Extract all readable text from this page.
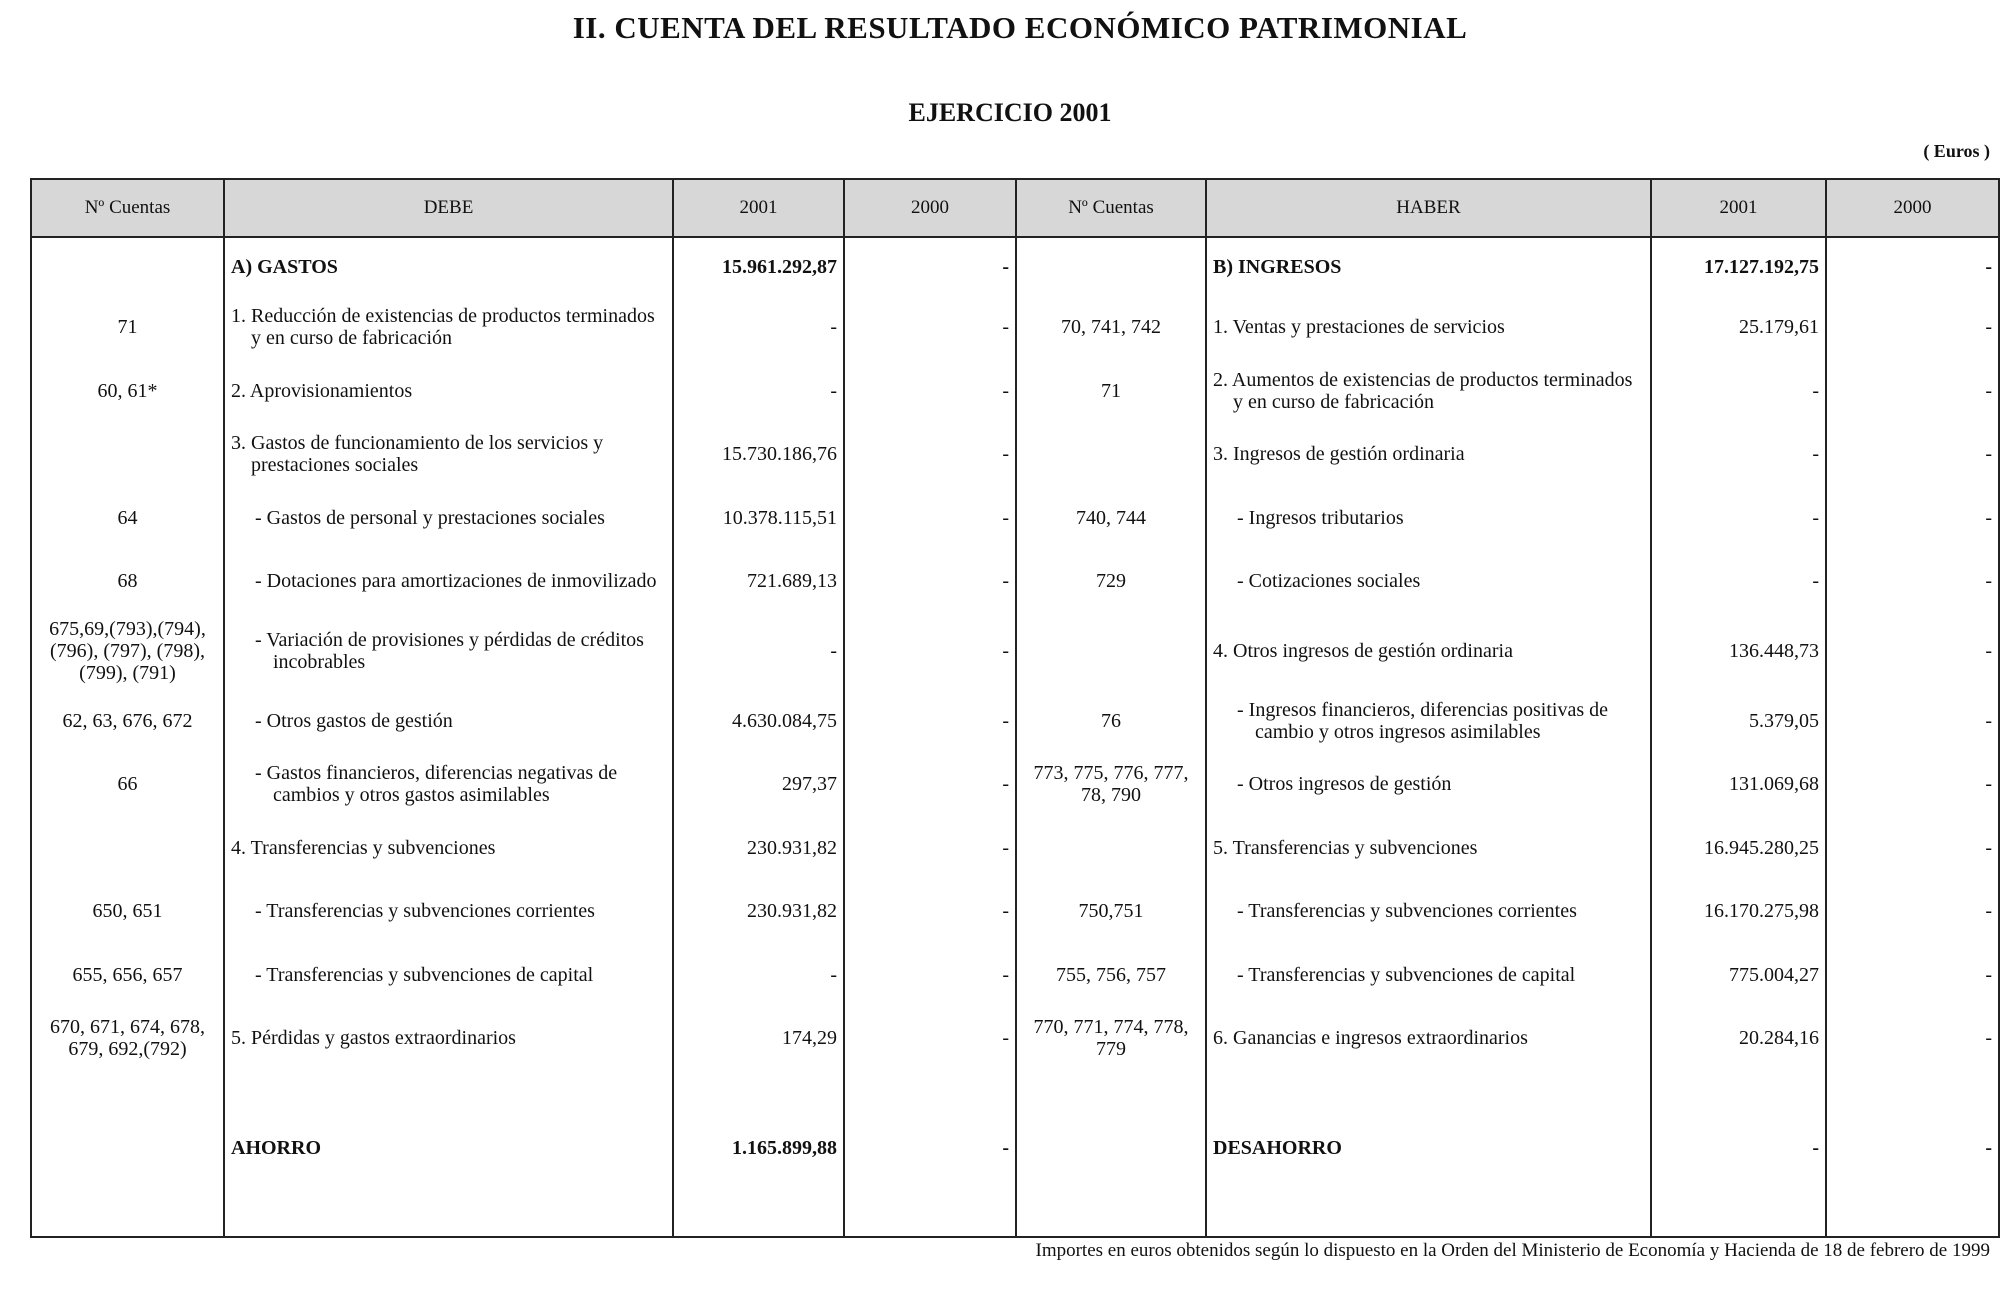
II. CUENTA DEL RESULTADO ECONÓMICO PATRIMONIAL
EJERCICIO 2001
( Euros )
Nº Cuentas	DEBE	2001	2000	Nº Cuentas	HABER	2001	2000
	A) GASTOS	15.961.292,87	-		B) INGRESOS	17.127.192,75	-
71	1. Reducción de existencias de productos terminados y en curso de fabricación	-	-	70, 741, 742	1. Ventas y prestaciones de servicios	25.179,61	-
60, 61*	2. Aprovisionamientos	-	-	71	2. Aumentos de existencias de productos terminados y en curso de fabricación	-	-

	3. Gastos de funcionamiento de los servicios y prestaciones sociales	15.730.186,76	-		3. Ingresos de gestión ordinaria	-	-
64	- Gastos de personal y prestaciones sociales	10.378.115,51	-	740, 744	- Ingresos tributarios	-	-
68	- Dotaciones para amortizaciones de inmovilizado	721.689,13	-	729	- Cotizaciones sociales	-	-
675,69,(793),(794), (796), (797), (798), (799), (791)	- Variación de provisiones y pérdidas de créditos incobrables	-	-		4. Otros ingresos de gestión ordinaria	136.448,73	-
62, 63, 676, 672	- Otros gastos de gestión	4.630.084,75	-	76	- Ingresos financieros, diferencias positivas de cambio y otros ingresos asimilables	5.379,05	-
66	- Gastos financieros, diferencias negativas de cambios y otros gastos asimilables	297,37	-	773, 775, 776, 777, 78, 790	- Otros ingresos de gestión	131.069,68	-

	4. Transferencias y subvenciones	230.931,82	-		5. Transferencias y subvenciones	16.945.280,25	-
650, 651	- Transferencias y subvenciones corrientes	230.931,82	-	750,751	- Transferencias y subvenciones corrientes	16.170.275,98	-
655, 656, 657	- Transferencias y subvenciones de capital	-	-	755, 756, 757	- Transferencias y subvenciones de capital	775.004,27	-
670, 671, 674, 678, 679, 692,(792)	5. Pérdidas y gastos extraordinarios	174,29	-	770, 771, 774, 778, 779	6. Ganancias e ingresos extraordinarios	20.284,16	-

	AHORRO	1.165.899,88	-		DESAHORRO	-	-
Importes en euros obtenidos según lo dispuesto en la Orden del Ministerio de Economía y Hacienda de 18 de febrero de 1999
